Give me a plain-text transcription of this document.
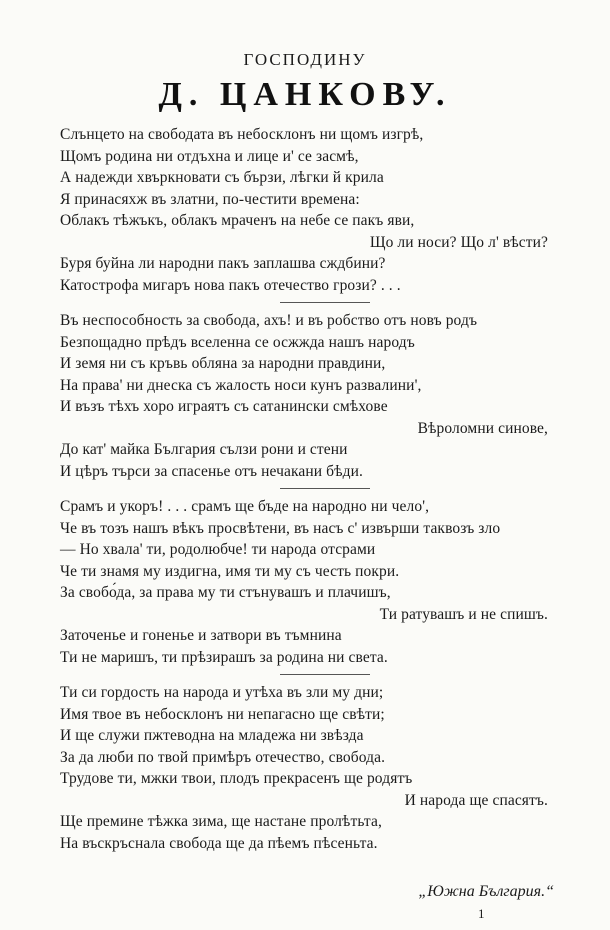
ГОСПОДИНУ
Д. ЦАНКОВУ.
Слънцето на свободата въ небосклонъ ни щомъ изгрѣ,
Щомъ родина ни отдъхна и лице и' се засмѣ,
А надежди хвъркновати съ бързи, лѣгки й крила
Я принасяхж въ златни, по-честити времена:
Облакъ тѣжъкъ, облакъ мраченъ на небе се пакъ яви,
Що ли носи? Що л' вѣсти?
Буря буйна ли народни пакъ заплашва сждбини?
Катострофа мигаръ нова пакъ отечество грози? . . .
Въ неспособность за свобода, ахъ! и въ робство отъ новъ родъ
Безпощадно прѣдъ вселенна се осжжда нашъ народъ
И земя ни съ кръвь обляна за народни правдини,
На права' ни днеска съ жалость носи кунъ развалини',
И възъ тѣхъ хоро играятъ съ сатанински смѣхове
Вѣроломни синове,
До кат' майка България сълзи рони и стени
И цѣръ търси за спасенье отъ нечакани бѣди.
Срамъ и укоръ! . . . срамъ ще бъде на народно ни чело',
Че въ тозъ нашъ вѣкъ просвѣтени, въ насъ с' извърши таквозъ зло
— Но хвала' ти, родолюбче! ти народа отсрами
Че ти знамя му издигна, имя ти му съ честь покри.
За свобо́да, за права му ти стънувашъ и плачишъ,
Ти ратувашъ и не спишъ.
Заточенье и гоненье и затвори въ тъмнина
Ти не маришъ, ти прѣзирашъ за родина ни света.
Ти си гордость на народа и утѣха въ зли му дни;
Имя твое въ небосклонъ ни непагасно ще свѣти;
И ще служи пжтеводна на младежа ни звѣзда
За да люби по твой примѣръ отечество, свобода.
Трудове ти, мжки твои, плодъ прекрасенъ ще родятъ
И народа ще спасятъ.
Ще премине тѣжка зима, ще настане пролѣтьта,
На въскръснала свобода ще да пѣемъ пѣсеньта.
„Южна България.“
1
